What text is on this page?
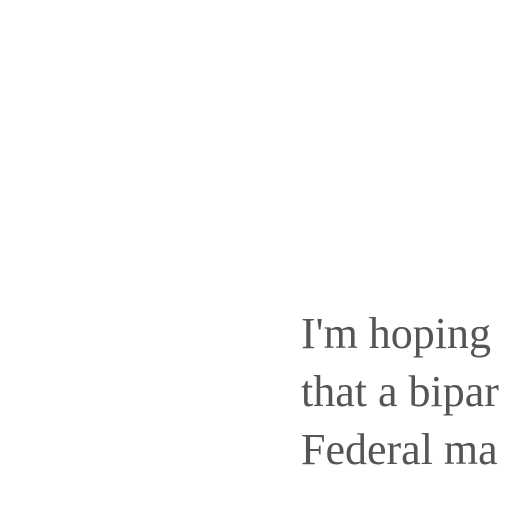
I'm hoping
that a bipar
Federal ma
